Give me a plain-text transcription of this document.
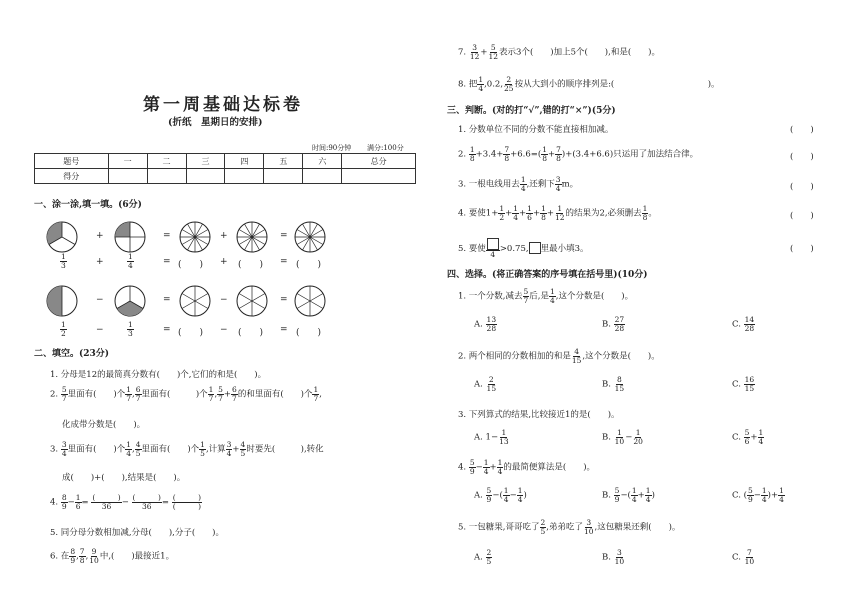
第一周基础达标卷
(折纸　星期日的安排)
时间:90分钟 满分:100分
题号	一	二	三	四	五	六	总分
得分							
一、涂一涂,填一填。(6分)
+	=	+	=
$\frac{1}{3}$	+	$\frac{1}{4}$	= (　　) + (　　) = (　　)
−	=	−	=
$\frac{1}{2}$	−	$\frac{1}{3}$	= (　　) − (　　) = (　　)
二、填空。(23分)
1. 分母是12的最简真分数有(　　)个,它们的和是(　　)。
2. $\frac{5}{7}$ 里面有(　　)个 $\frac{1}{7}$ , $\frac{6}{7}$ 里面有(　　　)个 $\frac{1}{7}$ , $\frac{5}{7} + \frac{6}{7}$ 的和里面有(　　)个 $\frac{1}{7}$ ,
化成带分数是(　　)。
3. $\frac{3}{4}$ 里面有(　　)个 $\frac{1}{4}$ , $\frac{4}{5}$ 里面有(　　)个 $\frac{1}{5}$ ,计算 $\frac{3}{4} + \frac{4}{5}$ 时要先(　　　),转化
成(　　)+(　　),结果是(　　)。
4. $\frac{8}{9} - \frac{1}{6} = \frac{( )}{36} - \frac{( )}{36} = \frac{( )}{( )}$
5. 同分母分数相加减,分母(　　),分子(　　)。
6. 在 $\frac{8}{9}$ , $\frac{7}{8}$ , $\frac{9}{10}$ 中,(　　)最接近1。
7. $\frac{3}{12} + \frac{5}{12}$ 表示3个(　　)加上5个(　　),和是(　　)。
8. 把 $\frac{1}{4} ,0.2$, $\frac{2}{25}$ 按从大到小的顺序排列是:(　　　　　　　　　　　)。
三、判断。(对的打“√”,错的打“×”)(5分)
1. 分数单位不同的分数不能直接相加减。	(　　)
2. $\frac{1}{8} +3.4+ \frac{7}{8} +6.6=( \frac{1}{8} + \frac{7}{8} )+(3.4+6.6)$只运用了加法结合律。	(　　)
3. 一根电线用去 $\frac{1}{4}$ ,还剩下 $\frac{3}{4}$ m。	(　　)
4. 要使$1+ \frac{1}{2} + \frac{1}{4} + \frac{1}{6} + \frac{1}{8} + \frac{1}{12}$ 的结果为2,必须删去 $\frac{1}{8}$ 。	(　　)
5. 要使
4
>0.75, 里最小填3。	(　　)
四、选择。(将正确答案的序号填在括号里)(10分)
1. 一个分数,减去 $\frac{5}{7}$ 后,是 $\frac{1}{4}$ ,这个分数是(　　)。
A. $\frac{13}{28}$	B. $\frac{27}{28}$	C. $\frac{14}{28}$
2. 两个相同的分数相加的和是 $\frac{4}{15}$ ,这个分数是(　　)。
A. $\frac{2}{15}$	B. $\frac{8}{15}$	C. $\frac{16}{15}$
3. 下列算式的结果,比较接近1的是(　　)。
A. $1- \frac{1}{13}$	B. $\frac{1}{10} - \frac{1}{20}$	C. $\frac{5}{6} + \frac{1}{4}$
4. $\frac{5}{9} - \frac{1}{4} + \frac{1}{4}$ 的最简便算法是(　　)。
A. $\frac{5}{9}$ −( $\frac{1}{4} - \frac{1}{4}$ )	B. $\frac{5}{9}$ −( $\frac{1}{4} + \frac{1}{4}$ )	C. ( $\frac{5}{9} - \frac{1}{4}$ )+ $\frac{1}{4}$
5. 一包糖果,哥哥吃了 $\frac{2}{5}$ ,弟弟吃了 $\frac{3}{10}$ ,这包糖果还剩(　　)。
A. $\frac{2}{5}$	B. $\frac{3}{10}$	C. $\frac{7}{10}$
